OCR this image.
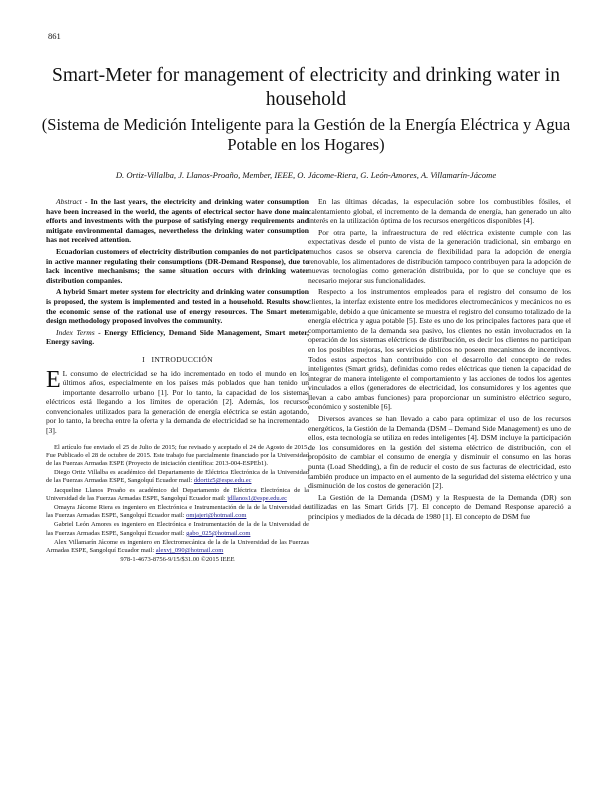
861
Smart-Meter for management of electricity and drinking water in household
(Sistema de Medición Inteligente para la Gestión de la Energía Eléctrica y Agua Potable en los Hogares)
D. Ortiz-Villalba, J. Llanos-Proaño, Member, IEEE, O. Jácome-Riera, G. León-Amores, A. Villamarín-Jácome

Abstract - In the last years, the electricity and drinking water consumption have been increased in the world, the agents of electrical sector have done main efforts and investments with the purpose of satisfying energy requirements and mitigate environmental damages, nevertheless the drinking water consumption has not received attention.

Ecuadorian customers of electricity distribution companies do not participate in active manner regulating their consumptions (DR-Demand Response), due to lack incentive mechanisms; the same situation occurs with drinking water distribution companies.

A hybrid Smart meter system for electricity and drinking water consumption is proposed, the system is implemented and tested in a household. Results show the economic sense of the rational use of energy resources. The Smart meter design methodology proposed involves the community.

Index Terms - Energy Efficiency, Demand Side Management, Smart meter, Energy saving.

I INTRODUCCIÓN

E L consumo de electricidad se ha ido incrementado en todo el mundo en los últimos años, especialmente en los países más poblados que han tenido un importante desarrollo urbano [1]. Por lo tanto, la capacidad de los sistemas eléctricos está llegando a los límites de operación [2]. Además, los recursos convencionales utilizados para la generación de energía eléctrica se están agotando, por lo tanto, la brecha entre la oferta y la demanda de electricidad se ha incrementado [3].

El artículo fue enviado el 25 de Julio de 2015; fue revisado y aceptado el 24 de Agosto de 2015. Fue Publicado el 28 de octubre de 2015. Este trabajo fue parcialmente financiado por la Universidad de las Fuerzas Armadas ESPE (Proyecto de iniciación científica: 2013-004-ESPEb1).

Diego Ortiz Villalba es académico del Departamento de Eléctrica Electrónica de la Universidad de las Fuerzas Armadas ESPE, Sangolquí Ecuador mail: ddortiz5@espe.edu.ec

Jacqueline Llanos Proaño es académico del Departamento de Eléctrica Electrónica de la Universidad de las Fuerzas Armadas ESPE, Sangolquí Ecuador mail: jdllanos1@espe.edu.ec

Omayra Jácome Riera es ingeniero en Electrónica e Instrumentación de la de la Universidad de las Fuerzas Armadas ESPE, Sangolquí Ecuador mail: omjajeri@hotmail.com

Gabriel León Amores es ingeniero en Electrónica e Instrumentación de la de la Universidad de las Fuerzas Armadas ESPE, Sangolquí Ecuador mail: gabo_025@hotmail.com

Alex Villamarín Jácome es ingeniero en Electromecánica de la de la Universidad de las Fuerzas Armadas ESPE, Sangolquí Ecuador mail: alexvj_090@hotmail.com

978-1-4673-8756-9/15/$31.00 ©2015 IEEE

En las últimas décadas, la especulación sobre los combustibles fósiles, el calentamiento global, el incremento de la demanda de energía, han generado un alto interés en la utilización óptima de los recursos energéticos disponibles [4].

Por otra parte, la infraestructura de red eléctrica existente cumple con las expectativas desde el punto de vista de la generación tradicional, sin embargo en muchos casos se observa carencia de flexibilidad para la adopción de energía renovable, los alimentadores de distribución tampoco contribuyen para la adopción de nuevas tecnologías como generación distribuida, por lo que se concluye que es necesario mejorar sus funcionalidades.

Respecto a los instrumentos empleados para el registro del consumo de los clientes, la interfaz existente entre los medidores electromecánicos y mecánicos no es amigable, debido a que únicamente se muestra el registro del consumo totalizado de la energía eléctrica y agua potable [5]. Este es uno de los principales factores para que el comportamiento de la demanda sea pasivo, los clientes no están involucrados en la operación de los sistemas eléctricos de distribución, es decir los clientes no participan en los posibles mejoras, los servicios públicos no poseen mecanismos de incentivos. Todos estos aspectos han contribuido con el desarrollo del concepto de redes inteligentes (Smart grids), definidas como redes eléctricas que tienen la capacidad de integrar de manera inteligente el comportamiento y las acciones de todos los agentes vinculados a ellos (generadores de electricidad, los consumidores y los agentes que llevan a cabo ambas funciones) para proporcionar un suministro eléctrico seguro, económico y sostenible [6].

Diversos avances se han llevado a cabo para optimizar el uso de los recursos energéticos, la Gestión de la Demanda (DSM – Demand Side Management) es uno de ellos, esta tecnología se utiliza en redes inteligentes [4]. DSM incluye la participación de los consumidores en la gestión del sistema eléctrico de distribución, con el propósito de cambiar el consumo de energía y disminuir el consumo en las horas punta (Load Shedding), a fin de reducir el costo de sus facturas de electricidad, esto también produce un impacto en el aumento de la seguridad del sistema eléctrico y una disminución de los costos de generación [2].

La Gestión de la Demanda (DSM) y la Respuesta de la Demanda (DR) son utilizadas en las Smart Grids [7]. El concepto de Demand Response apareció a principios y mediados de la década de 1980 [1]. El concepto de DSM fue
